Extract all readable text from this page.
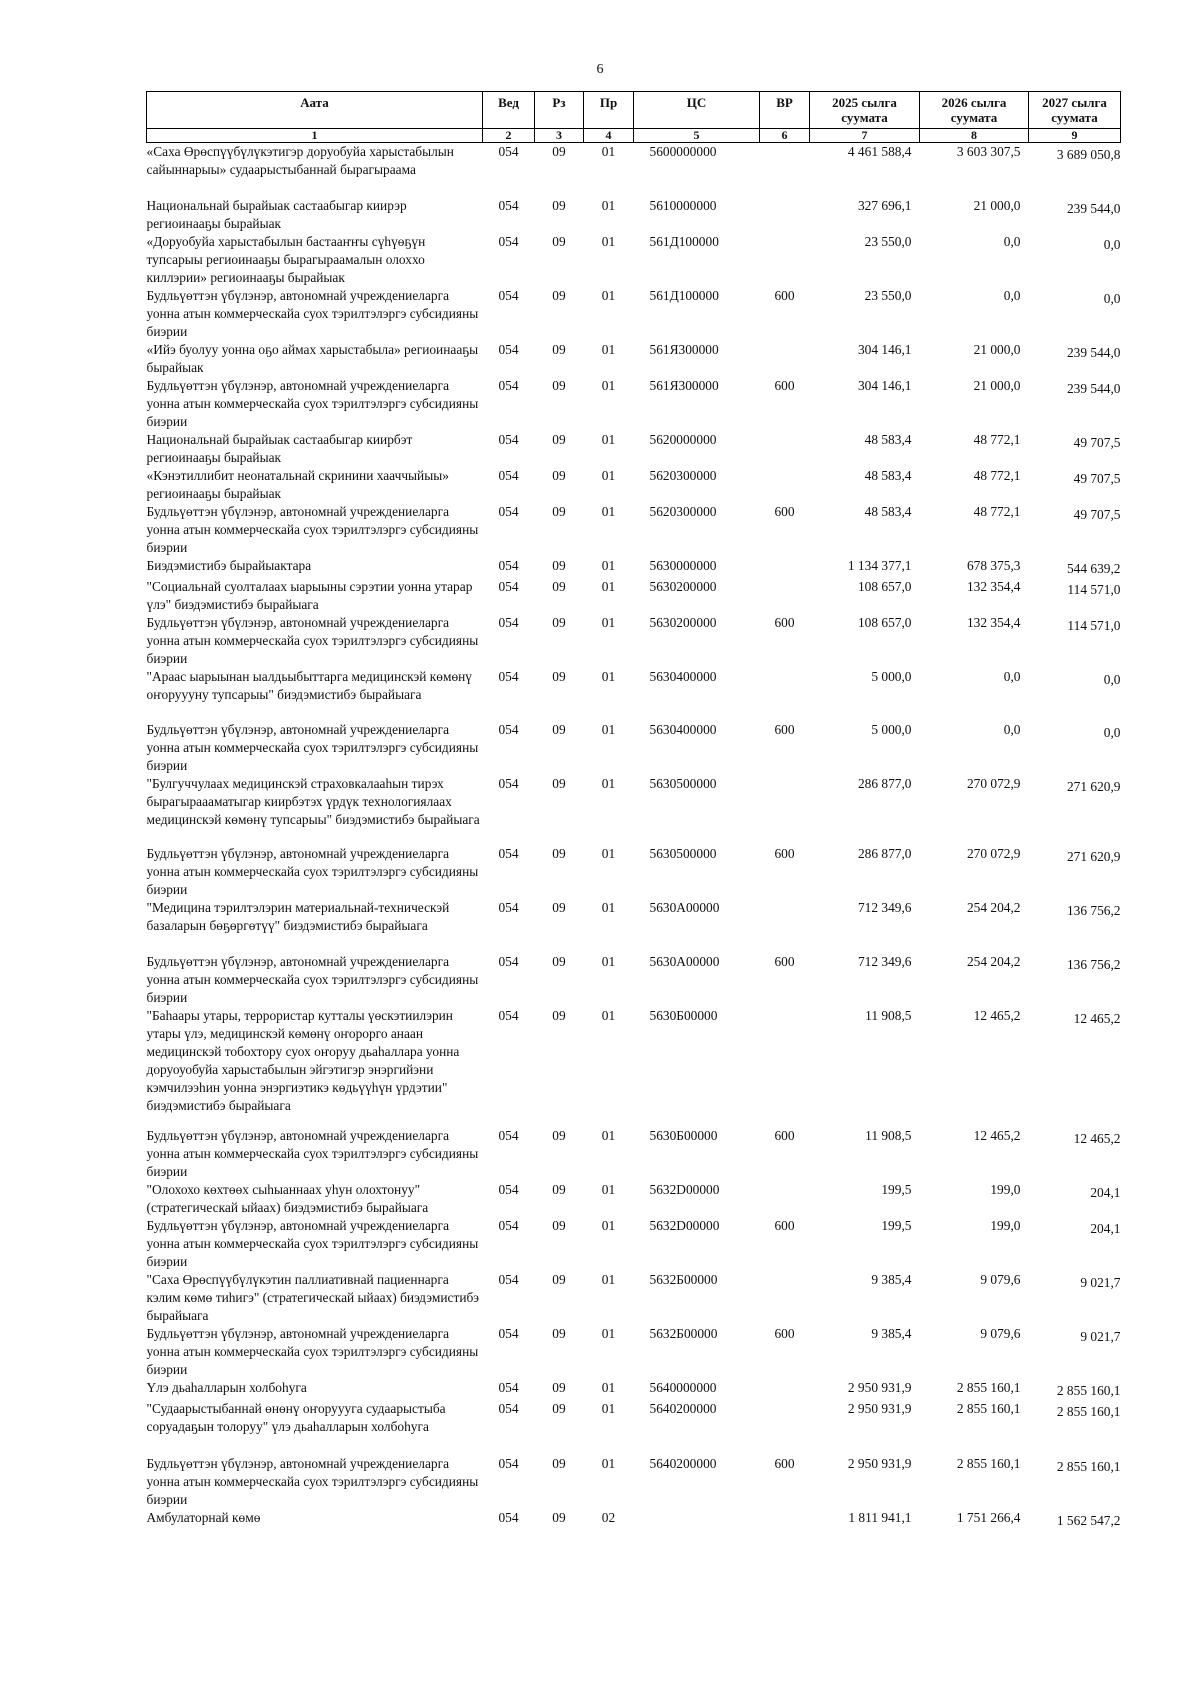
6
Аата	Вед	Рз	Пр	ЦС	ВР	2025 сылга суумата	2026 сылга суумата	2027 сылга суумата
1	2	3	4	5	6	7	8	9
«Саха Өрөспүүбүлүкэтигэр доруобуйа харыстабылын сайыннарыы» судаарыстыбаннай бырагыраама	054	09	01	5600000000		4 461 588,4	3 603 307,5	3 689 050,8
Национальнай бырайыак састаабыгар киирэр региоинааҕы бырайыак	054	09	01	5610000000		327 696,1	21 000,0	239 544,0
«Доруобуйа харыстабылын бастааҥҥы сүһүөҕүн тупсарыы региоинааҕы бырагыраамалын олоххо киллэрии» региоинааҕы бырайыак	054	09	01	561Д100000		23 550,0	0,0	0,0
Будльүөттэн үбүлэнэр, автономнай учреждениеларга уонна атын коммерческайа суох тэрилтэлэргэ субсидияны биэрии	054	09	01	561Д100000	600	23 550,0	0,0	0,0
«Ийэ буолуу уонна оҕо аймах харыстабыла» региоинааҕы бырайыак	054	09	01	561Я300000		304 146,1	21 000,0	239 544,0
Будльүөттэн үбүлэнэр, автономнай учреждениеларга уонна атын коммерческайа суох тэрилтэлэргэ субсидияны биэрии	054	09	01	561Я300000	600	304 146,1	21 000,0	239 544,0
Национальнай бырайыак састаабыгар киирбэт региоинааҕы бырайыак	054	09	01	5620000000		48 583,4	48 772,1	49 707,5
«Кэнэтиллибит неонатальнай скринини хааччыйыы» региоинааҕы бырайыак	054	09	01	5620300000		48 583,4	48 772,1	49 707,5
Будльүөттэн үбүлэнэр, автономнай учреждениеларга уонна атын коммерческайа суох тэрилтэлэргэ субсидияны биэрии	054	09	01	5620300000	600	48 583,4	48 772,1	49 707,5
Биэдэмистибэ бырайыактара	054	09	01	5630000000		1 134 377,1	678 375,3	544 639,2
"Социальнай суолталаах ыарыыны сэрэтии уонна утарар үлэ" биэдэмистибэ бырайыага	054	09	01	5630200000		108 657,0	132 354,4	114 571,0
Будльүөттэн үбүлэнэр, автономнай учреждениеларга уонна атын коммерческайа суох тэрилтэлэргэ субсидияны биэрии	054	09	01	5630200000	600	108 657,0	132 354,4	114 571,0
"Араас ыарыынан ыалдьыбыттарга медицинскэй көмөнү оҥоруууну тупсарыы" биэдэмистибэ бырайыага	054	09	01	5630400000		5 000,0	0,0	0,0
Будльүөттэн үбүлэнэр, автономнай учреждениеларга уонна атын коммерческайа суох тэрилтэлэргэ субсидияны биэрии	054	09	01	5630400000	600	5 000,0	0,0	0,0
"Булгуччулаах медицинскэй страховкалааһын тирэх бырагыраааматыгар киирбэтэх үрдүк технологиялаах медицинскэй көмөнү тупсарыы" биэдэмистибэ бырайыага	054	09	01	5630500000		286 877,0	270 072,9	271 620,9
Будльүөттэн үбүлэнэр, автономнай учреждениеларга уонна атын коммерческайа суох тэрилтэлэргэ субсидияны биэрии	054	09	01	5630500000	600	286 877,0	270 072,9	271 620,9
"Медицина тэрилтэлэрин материальнай-техническэй базаларын бөҕөргөтүү" биэдэмистибэ бырайыага	054	09	01	5630А00000		712 349,6	254 204,2	136 756,2
Будльүөттэн үбүлэнэр, автономнай учреждениеларга уонна атын коммерческайа суох тэрилтэлэргэ субсидияны биэрии	054	09	01	5630А00000	600	712 349,6	254 204,2	136 756,2
"Баһаары утары, террористар кутталы үөскэтиилэрин утары үлэ, медицинскэй көмөнү оҥорорго анаан медицинскэй тобохтору суох оҥоруу дьаһаллара уонна доруоуобуйа харыстабылын эйгэтигэр энэргийэни кэмчилээһин уонна энэргиэтикэ көдьүүһүн үрдэтии" биэдэмистибэ бырайыага	054	09	01	5630Б00000		11 908,5	12 465,2	12 465,2
Будльүөттэн үбүлэнэр, автономнай учреждениеларга уонна атын коммерческайа суох тэрилтэлэргэ субсидияны биэрии	054	09	01	5630Б00000	600	11 908,5	12 465,2	12 465,2
"Олохохо көхтөөх сыһыаннаах уһун олохтонуу" (стратегическай ыйаах) биэдэмистибэ бырайыага	054	09	01	5632D00000		199,5	199,0	204,1
Будльүөттэн үбүлэнэр, автономнай учреждениеларга уонна атын коммерческайа суох тэрилтэлэргэ субсидияны биэрии	054	09	01	5632D00000	600	199,5	199,0	204,1
"Саха Өрөспүүбүлүкэтин паллиативнай пациеннарга кэлим көмө тиһигэ" (стратегическай ыйаах) биэдэмистибэ бырайыага	054	09	01	5632Б00000		9 385,4	9 079,6	9 021,7
Будльүөттэн үбүлэнэр, автономнай учреждениеларга уонна атын коммерческайа суох тэрилтэлэргэ субсидияны биэрии	054	09	01	5632Б00000	600	9 385,4	9 079,6	9 021,7
Үлэ дьаһалларын холбоһуга	054	09	01	5640000000		2 950 931,9	2 855 160,1	2 855 160,1
"Судаарыстыбаннай өнөнү оҥоруууга судаарыстыба соруадаҕын толоруу" үлэ дьаһалларын холбоһуга	054	09	01	5640200000		2 950 931,9	2 855 160,1	2 855 160,1
Будльүөттэн үбүлэнэр, автономнай учреждениеларга уонна атын коммерческайа суох тэрилтэлэргэ субсидияны биэрии	054	09	01	5640200000	600	2 950 931,9	2 855 160,1	2 855 160,1
Амбулаторнай көмө	054	09	02			1 811 941,1	1 751 266,4	1 562 547,2
